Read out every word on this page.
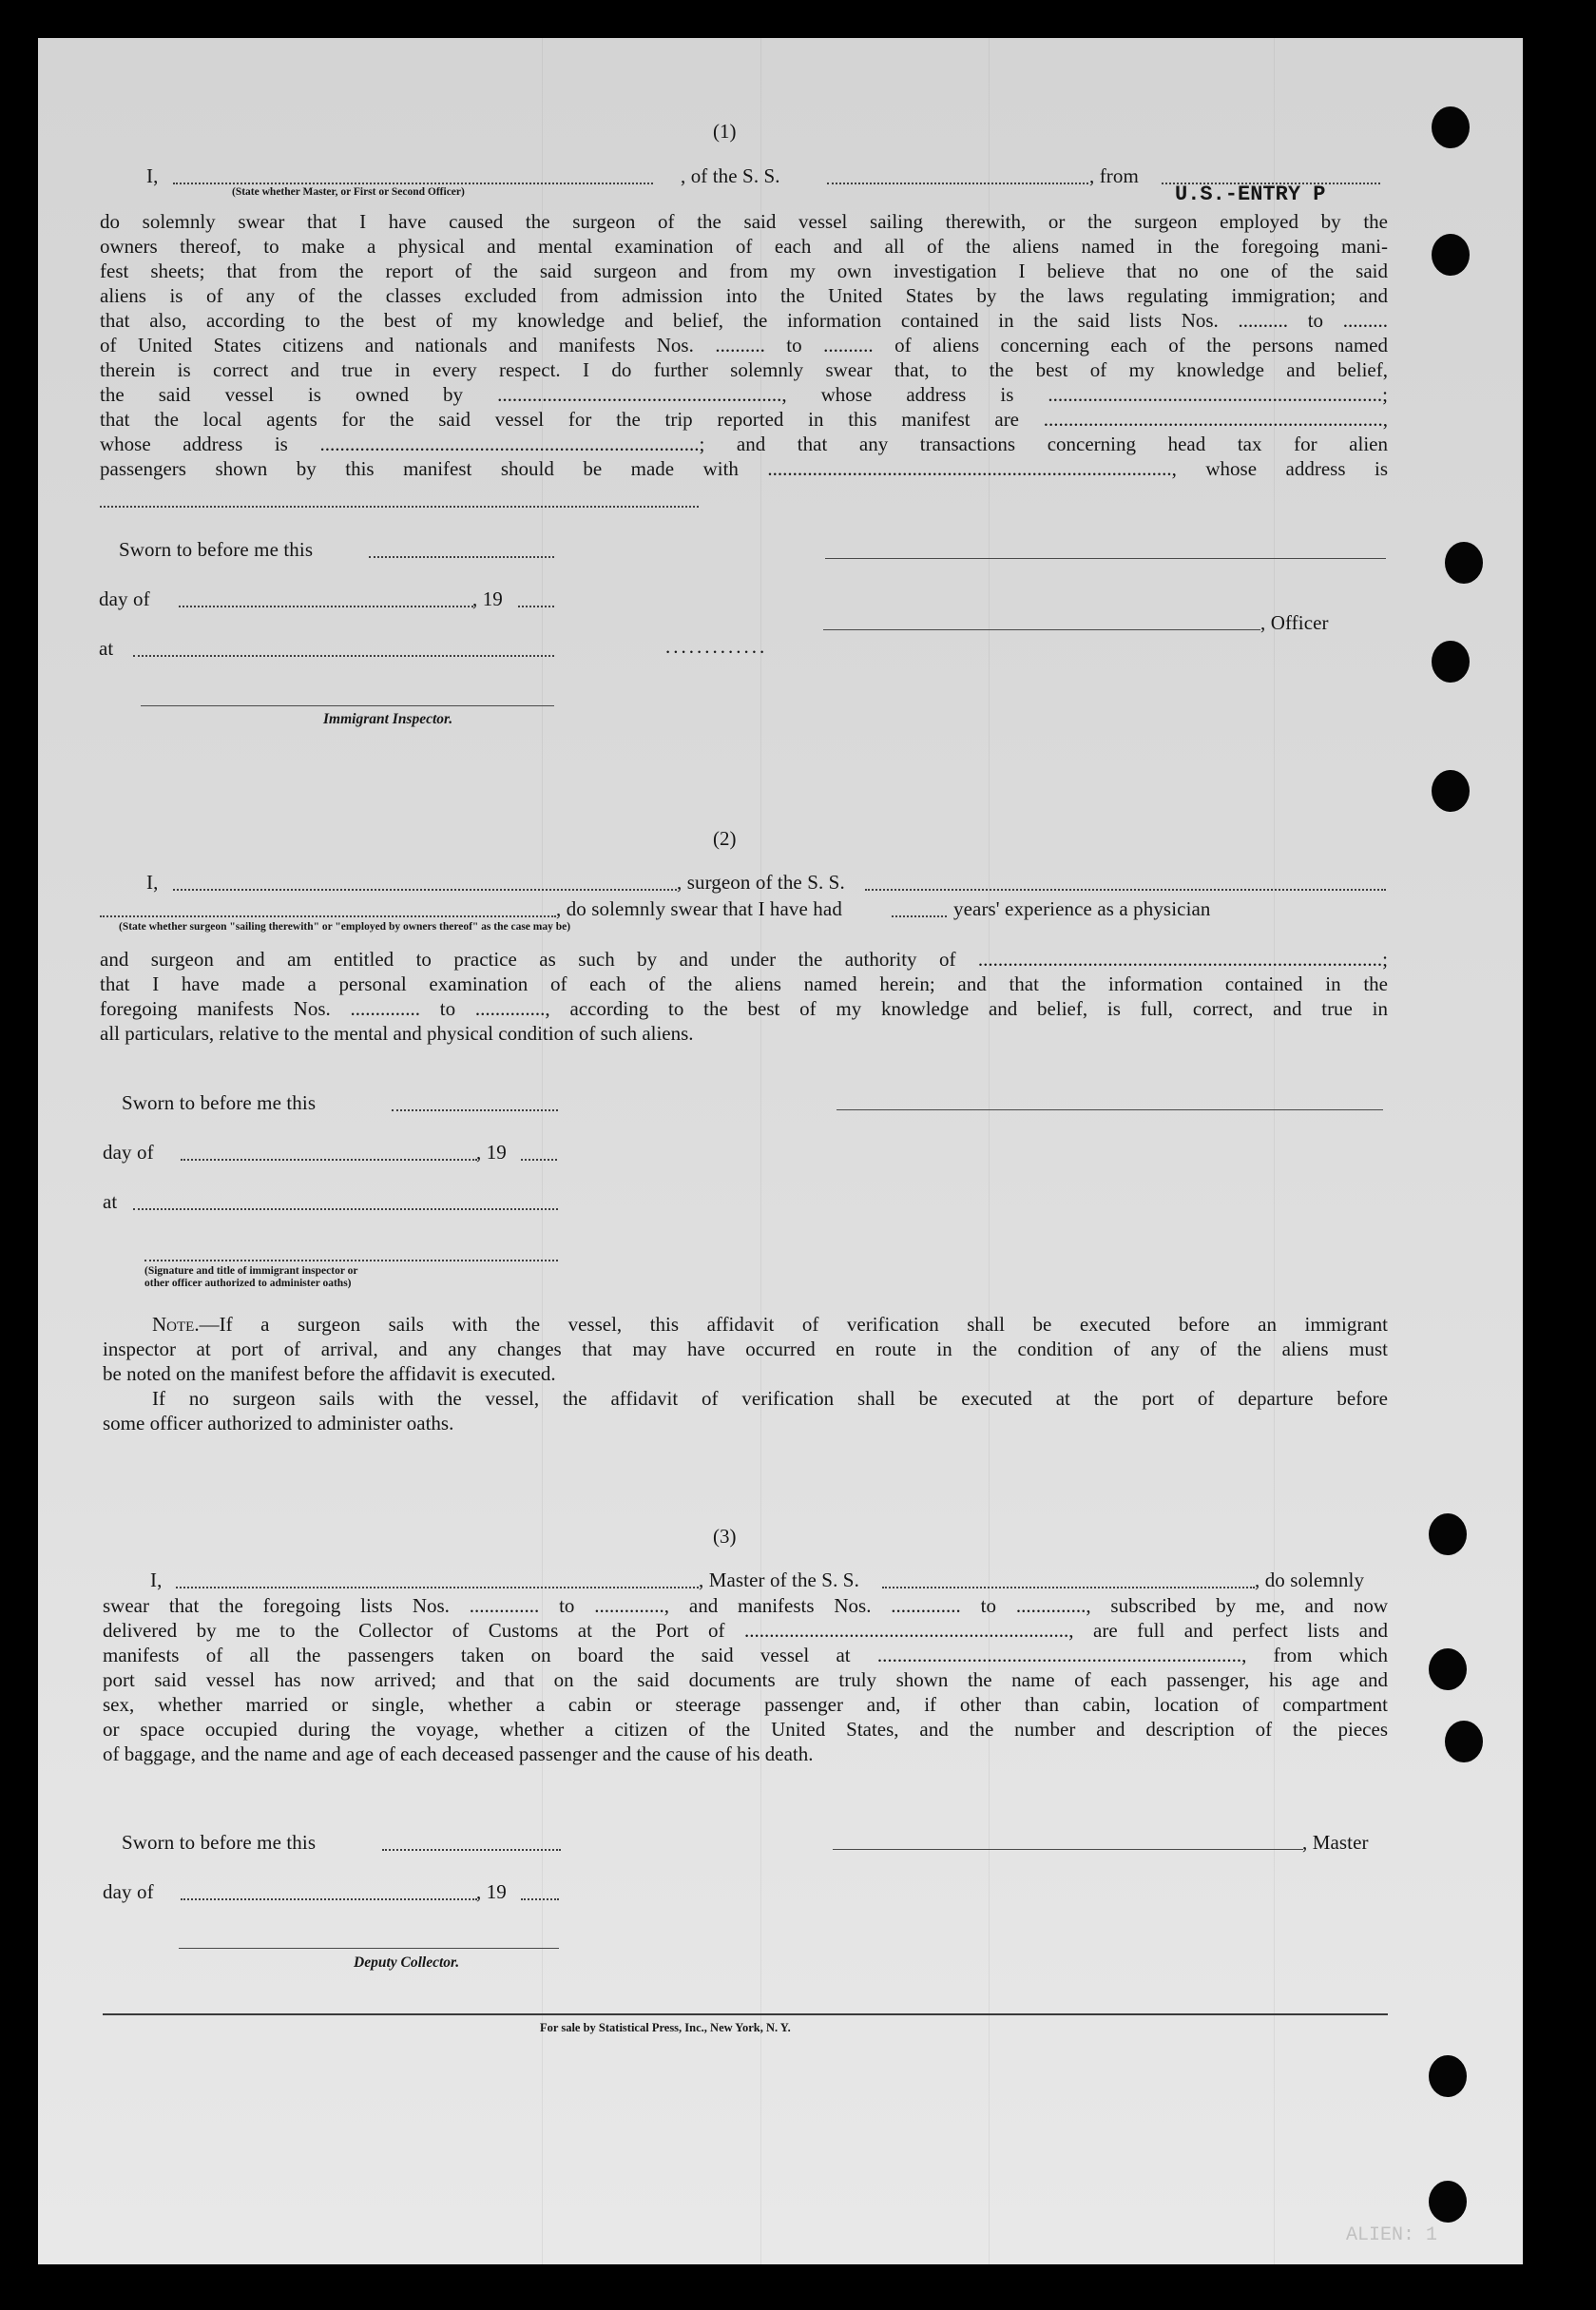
(1)
I,	, of the S. S.	, from
U.S.-ENTRY P
(State whether Master, or First or Second Officer)
do solemnly swear that I have caused the surgeon of the said vessel sailing therewith, or the surgeon employed by the
owners thereof, to make a physical and mental examination of each and all of the aliens named in the foregoing mani-
fest sheets; that from the report of the said surgeon and from my own investigation I believe that no one of the said
aliens is of any of the classes excluded from admission into the United States by the laws regulating immigration; and
that also, according to the best of my knowledge and belief, the information contained in the said lists Nos. .......... to .........
of United States citizens and nationals and manifests Nos. .......... to .......... of aliens concerning each of the persons named
therein is correct and true in every respect. I do further solemnly swear that, to the best of my knowledge and belief,
the said vessel is owned by ........................................................., whose address is ...................................................................;
that the local agents for the said vessel for the trip reported in this manifest are ....................................................................,
whose address is ............................................................................; and that any transactions concerning head tax for alien
passengers shown by this manifest should be made with ................................................................................., whose address is
Sworn to before me this
day of	, 19
, Officer
at	.............
Immigrant Inspector.
(2)
I,	, surgeon of the S. S.
, do solemnly swear that I have had	years' experience as a physician
(State whether surgeon "sailing therewith" or "employed by owners thereof" as the case may be)
and surgeon and am entitled to practice as such by and under the authority of .................................................................................;
that I have made a personal examination of each of the aliens named herein; and that the information contained in the
foregoing manifests Nos. .............. to .............., according to the best of my knowledge and belief, is full, correct, and true in
all particulars, relative to the mental and physical condition of such aliens.
Sworn to before me this
day of	, 19
at
(Signature and title of immigrant inspector or
other officer authorized to administer oaths)
Note.—If a surgeon sails with the vessel, this affidavit of verification shall be executed before an immigrant
inspector at port of arrival, and any changes that may have occurred en route in the condition of any of the aliens must
be noted on the manifest before the affidavit is executed.
If no surgeon sails with the vessel, the affidavit of verification shall be executed at the port of departure before
some officer authorized to administer oaths.
(3)
I,	, Master of the S. S.	, do solemnly
swear that the foregoing lists Nos. .............. to .............., and manifests Nos. .............. to .............., subscribed by me, and now
delivered by me to the Collector of Customs at the Port of ................................................................., are full and perfect lists and
manifests of all the passengers taken on board the said vessel at ........................................................................., from which
port said vessel has now arrived; and that on the said documents are truly shown the name of each passenger, his age and
sex, whether married or single, whether a cabin or steerage passenger and, if other than cabin, location of compartment
or space occupied during the voyage, whether a citizen of the United States, and the number and description of the pieces
of baggage, and the name and age of each deceased passenger and the cause of his death.
Sworn to before me this	, Master
day of	, 19
Deputy Collector.
For sale by Statistical Press, Inc., New York, N. Y.
ALIEN: 1
